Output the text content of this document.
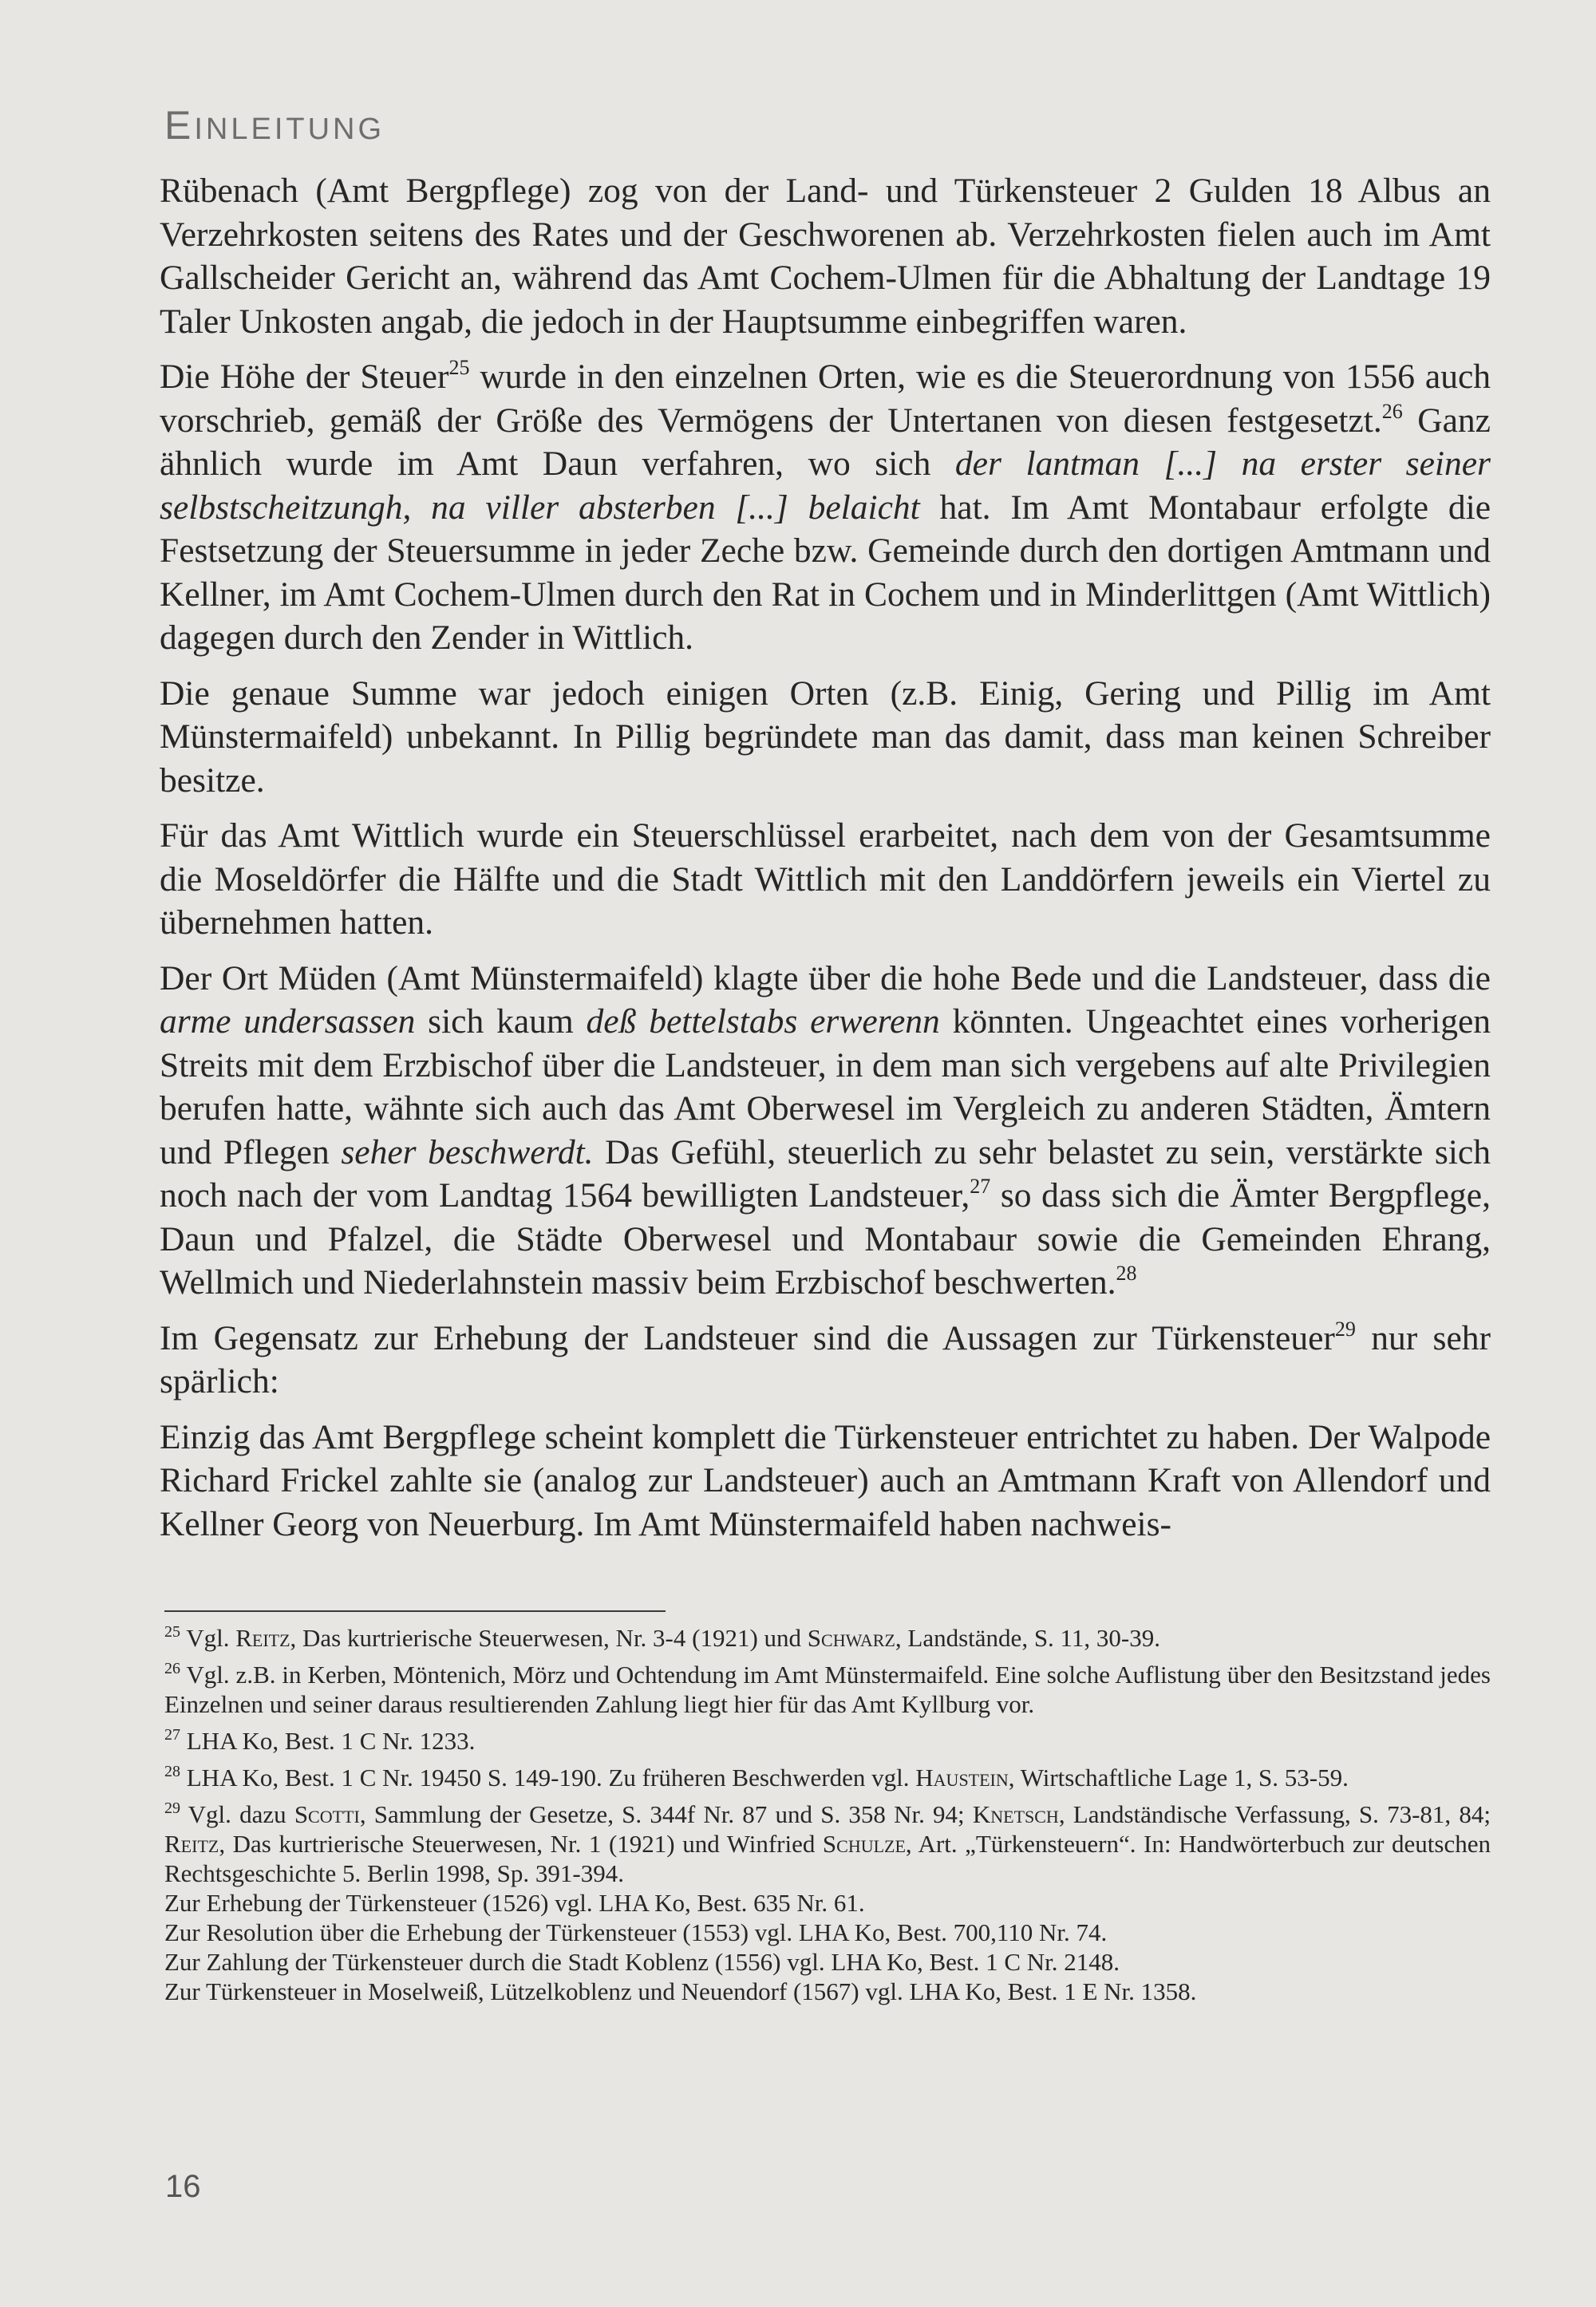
EINLEITUNG

Rübenach (Amt Bergpflege) zog von der Land- und Türkensteuer 2 Gulden 18 Albus an Verzehrkosten seitens des Rates und der Geschworenen ab. Verzehrkosten fielen auch im Amt Gallscheider Gericht an, während das Amt Cochem-Ulmen für die Abhaltung der Landtage 19 Taler Unkosten angab, die jedoch in der Hauptsumme einbegriffen waren.

Die Höhe der Steuer$^{25}$ wurde in den einzelnen Orten, wie es die Steuerordnung von 1556 auch vorschrieb, gemäß der Größe des Vermögens der Untertanen von diesen festgesetzt.$^{26}$ Ganz ähnlich wurde im Amt Daun verfahren, wo sich der lantman [...] na erster seiner selbstscheitzungh, na viller absterben [...] belaicht hat. Im Amt Montabaur erfolgte die Festsetzung der Steuersumme in jeder Zeche bzw. Gemeinde durch den dortigen Amtmann und Kellner, im Amt Cochem-Ulmen durch den Rat in Cochem und in Minderlittgen (Amt Wittlich) dagegen durch den Zender in Wittlich.

Die genaue Summe war jedoch einigen Orten (z.B. Einig, Gering und Pillig im Amt Münstermaifeld) unbekannt. In Pillig begründete man das damit, dass man keinen Schreiber besitze.

Für das Amt Wittlich wurde ein Steuerschlüssel erarbeitet, nach dem von der Gesamtsumme die Moseldörfer die Hälfte und die Stadt Wittlich mit den Landdörfern jeweils ein Viertel zu übernehmen hatten.

Der Ort Müden (Amt Münstermaifeld) klagte über die hohe Bede und die Landsteuer, dass die arme undersassen sich kaum deß bettelstabs erwerenn könnten. Ungeachtet eines vorherigen Streits mit dem Erzbischof über die Landsteuer, in dem man sich vergebens auf alte Privilegien berufen hatte, wähnte sich auch das Amt Oberwesel im Vergleich zu anderen Städten, Ämtern und Pflegen seher beschwerdt. Das Gefühl, steuerlich zu sehr belastet zu sein, verstärkte sich noch nach der vom Landtag 1564 bewilligten Landsteuer,$^{27}$ so dass sich die Ämter Bergpflege, Daun und Pfalzel, die Städte Oberwesel und Montabaur sowie die Gemeinden Ehrang, Wellmich und Niederlahnstein massiv beim Erzbischof beschwerten.$^{28}$

Im Gegensatz zur Erhebung der Landsteuer sind die Aussagen zur Türkensteuer$^{29}$ nur sehr spärlich:

Einzig das Amt Bergpflege scheint komplett die Türkensteuer entrichtet zu haben. Der Walpode Richard Frickel zahlte sie (analog zur Landsteuer) auch an Amtmann Kraft von Allendorf und Kellner Georg von Neuerburg. Im Amt Münstermaifeld haben nachweis-

$^{25}$ Vgl. Reitz, Das kurtrierische Steuerwesen, Nr. 3-4 (1921) und Schwarz, Landstände, S. 11, 30-39.

$^{26}$ Vgl. z.B. in Kerben, Möntenich, Mörz und Ochtendung im Amt Münstermaifeld. Eine solche Auflistung über den Besitzstand jedes Einzelnen und seiner daraus resultierenden Zahlung liegt hier für das Amt Kyllburg vor.

$^{27}$ LHA Ko, Best. 1 C Nr. 1233.

$^{28}$ LHA Ko, Best. 1 C Nr. 19450 S. 149-190. Zu früheren Beschwerden vgl. Haustein, Wirtschaftliche Lage 1, S. 53-59.

$^{29}$ Vgl. dazu Scotti, Sammlung der Gesetze, S. 344f Nr. 87 und S. 358 Nr. 94; Knetsch, Landständische Verfassung, S. 73-81, 84; Reitz, Das kurtrierische Steuerwesen, Nr. 1 (1921) und Winfried Schulze, Art. „Türkensteuern“. In: Handwörterbuch zur deutschen Rechtsgeschichte 5. Berlin 1998, Sp. 391-394.

Zur Erhebung der Türkensteuer (1526) vgl. LHA Ko, Best. 635 Nr. 61.

Zur Resolution über die Erhebung der Türkensteuer (1553) vgl. LHA Ko, Best. 700,110 Nr. 74.

Zur Zahlung der Türkensteuer durch die Stadt Koblenz (1556) vgl. LHA Ko, Best. 1 C Nr. 2148.

Zur Türkensteuer in Moselweiß, Lützelkoblenz und Neuendorf (1567) vgl. LHA Ko, Best. 1 E Nr. 1358.

16
